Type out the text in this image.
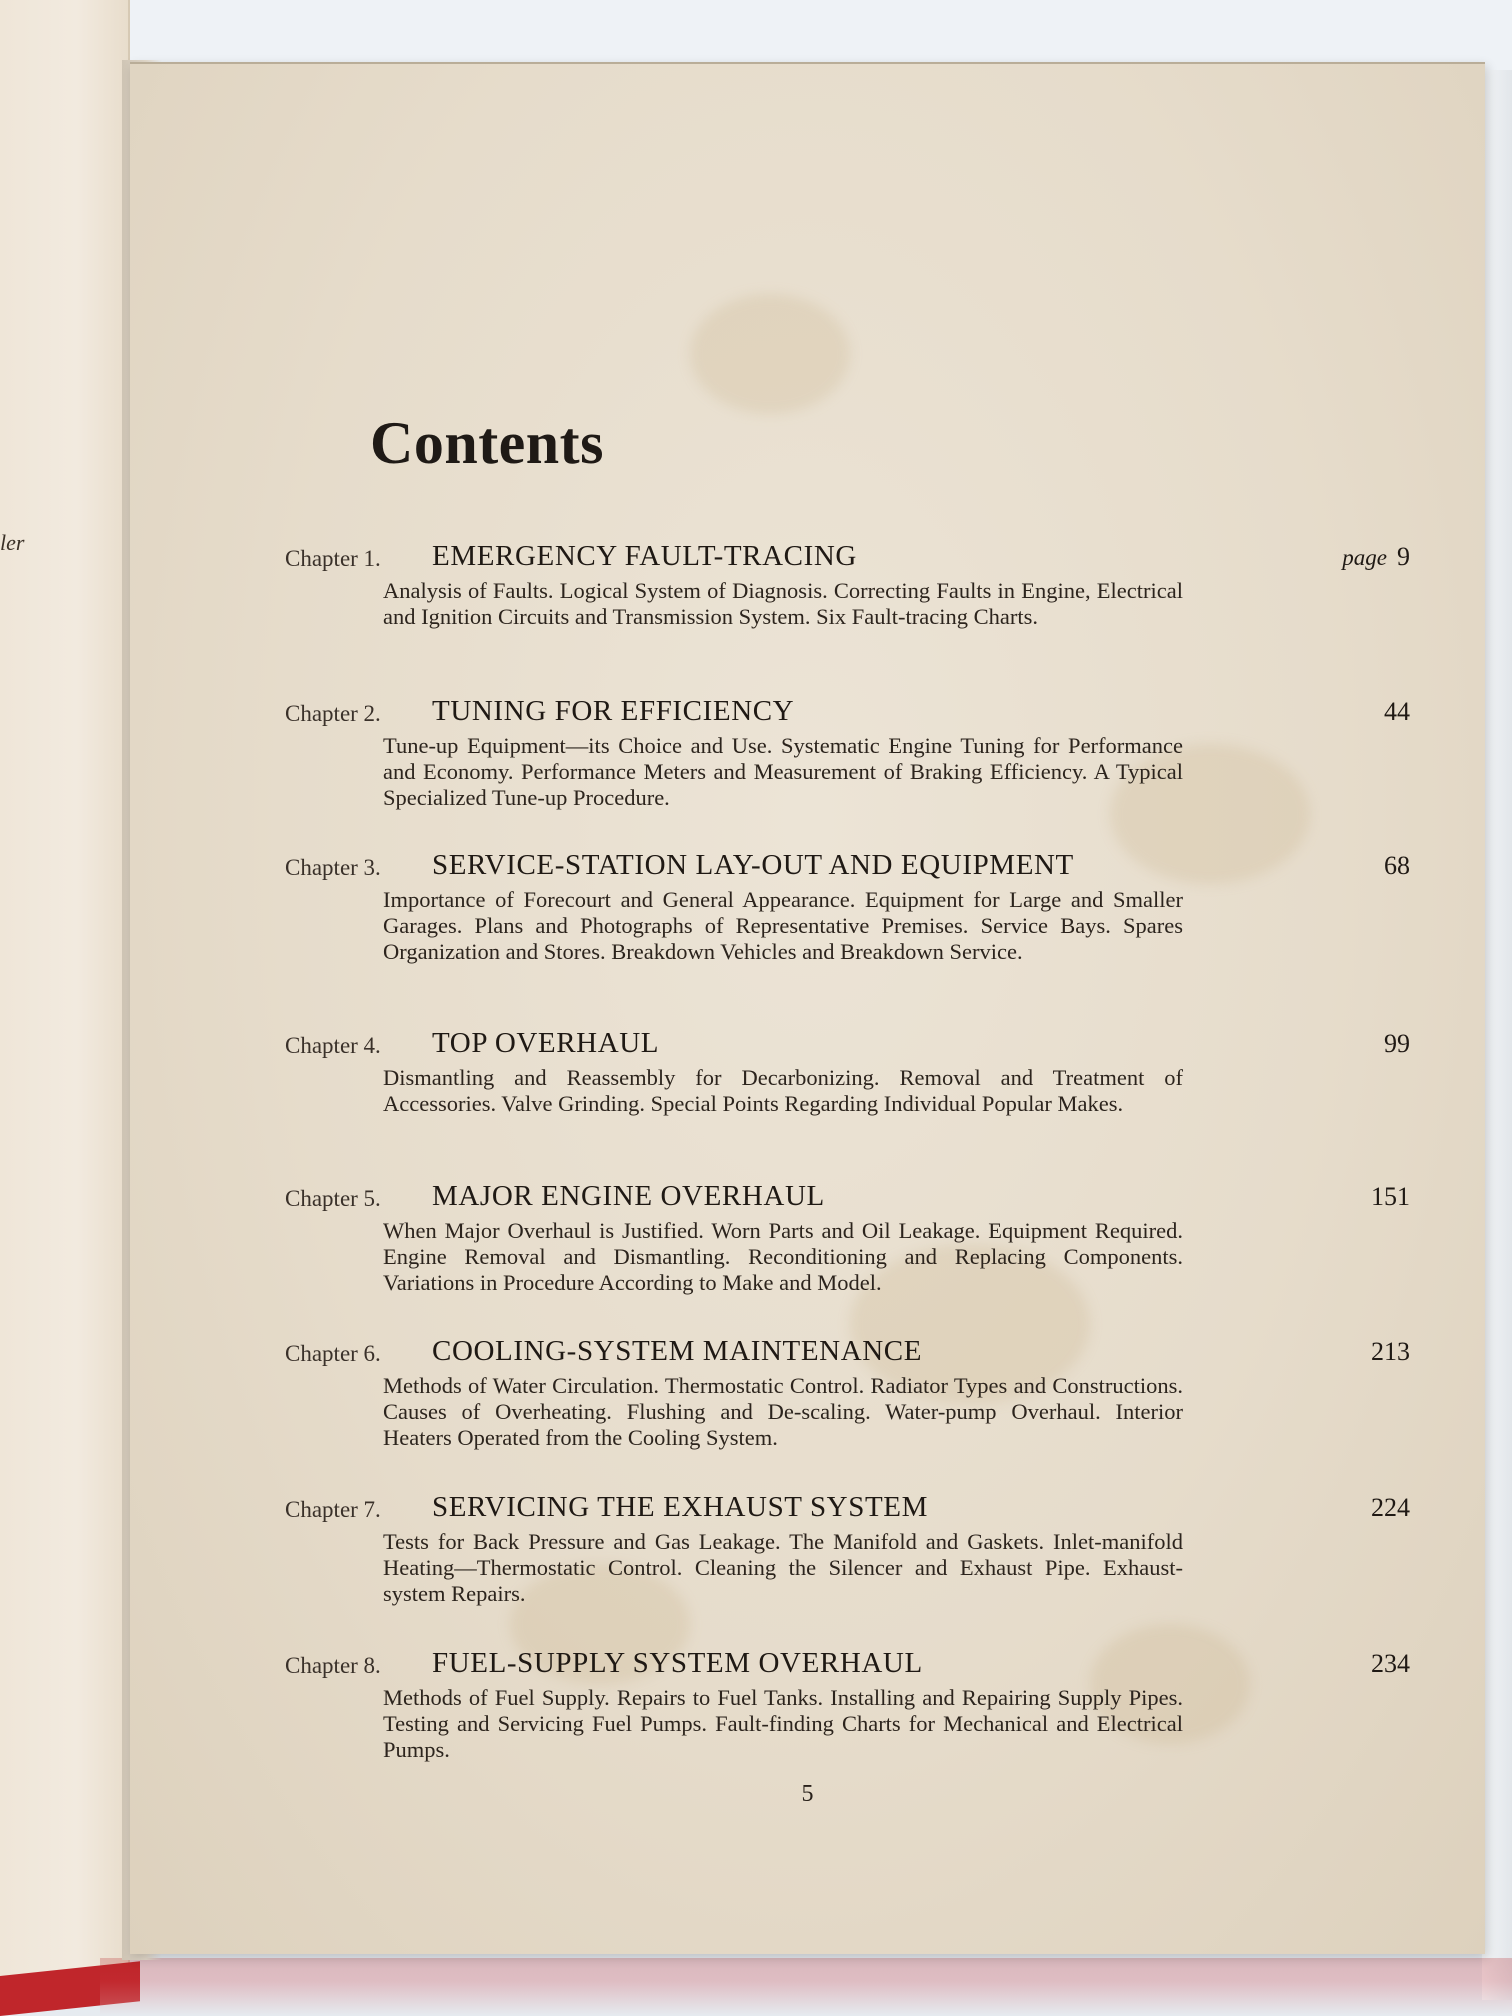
ler
Contents
Chapter 1. EMERGENCY FAULT-TRACING	page 9

Analysis of Faults. Logical System of Diagnosis. Correcting Faults in Engine, Electrical and Ignition Circuits and Transmission System. Six Fault-tracing Charts.

Chapter 2. TUNING FOR EFFICIENCY	44

Tune-up Equipment—its Choice and Use. Systematic Engine Tuning for Performance and Economy. Performance Meters and Measurement of Braking Efficiency. A Typical Specialized Tune-up Procedure.

Chapter 3. SERVICE-STATION LAY-OUT AND EQUIPMENT	68

Importance of Forecourt and General Appearance. Equipment for Large and Smaller Garages. Plans and Photographs of Representative Premises. Service Bays. Spares Organization and Stores. Breakdown Vehicles and Breakdown Service.

Chapter 4. TOP OVERHAUL	99

Dismantling and Reassembly for Decarbonizing. Removal and Treatment of Accessories. Valve Grinding. Special Points Regarding Individual Popular Makes.

Chapter 5. MAJOR ENGINE OVERHAUL	151

When Major Overhaul is Justified. Worn Parts and Oil Leakage. Equipment Required. Engine Removal and Dismantling. Reconditioning and Replacing Components. Variations in Procedure According to Make and Model.

Chapter 6. COOLING-SYSTEM MAINTENANCE	213

Methods of Water Circulation. Thermostatic Control. Radiator Types and Constructions. Causes of Overheating. Flushing and De-scaling. Water-pump Overhaul. Interior Heaters Operated from the Cooling System.

Chapter 7. SERVICING THE EXHAUST SYSTEM	224

Tests for Back Pressure and Gas Leakage. The Manifold and Gaskets. Inlet-manifold Heating—Thermostatic Control. Cleaning the Silencer and Exhaust Pipe. Exhaust-system Repairs.

Chapter 8. FUEL-SUPPLY SYSTEM OVERHAUL	234

Methods of Fuel Supply. Repairs to Fuel Tanks. Installing and Repairing Supply Pipes. Testing and Servicing Fuel Pumps. Fault-finding Charts for Mechanical and Electrical Pumps.

5
